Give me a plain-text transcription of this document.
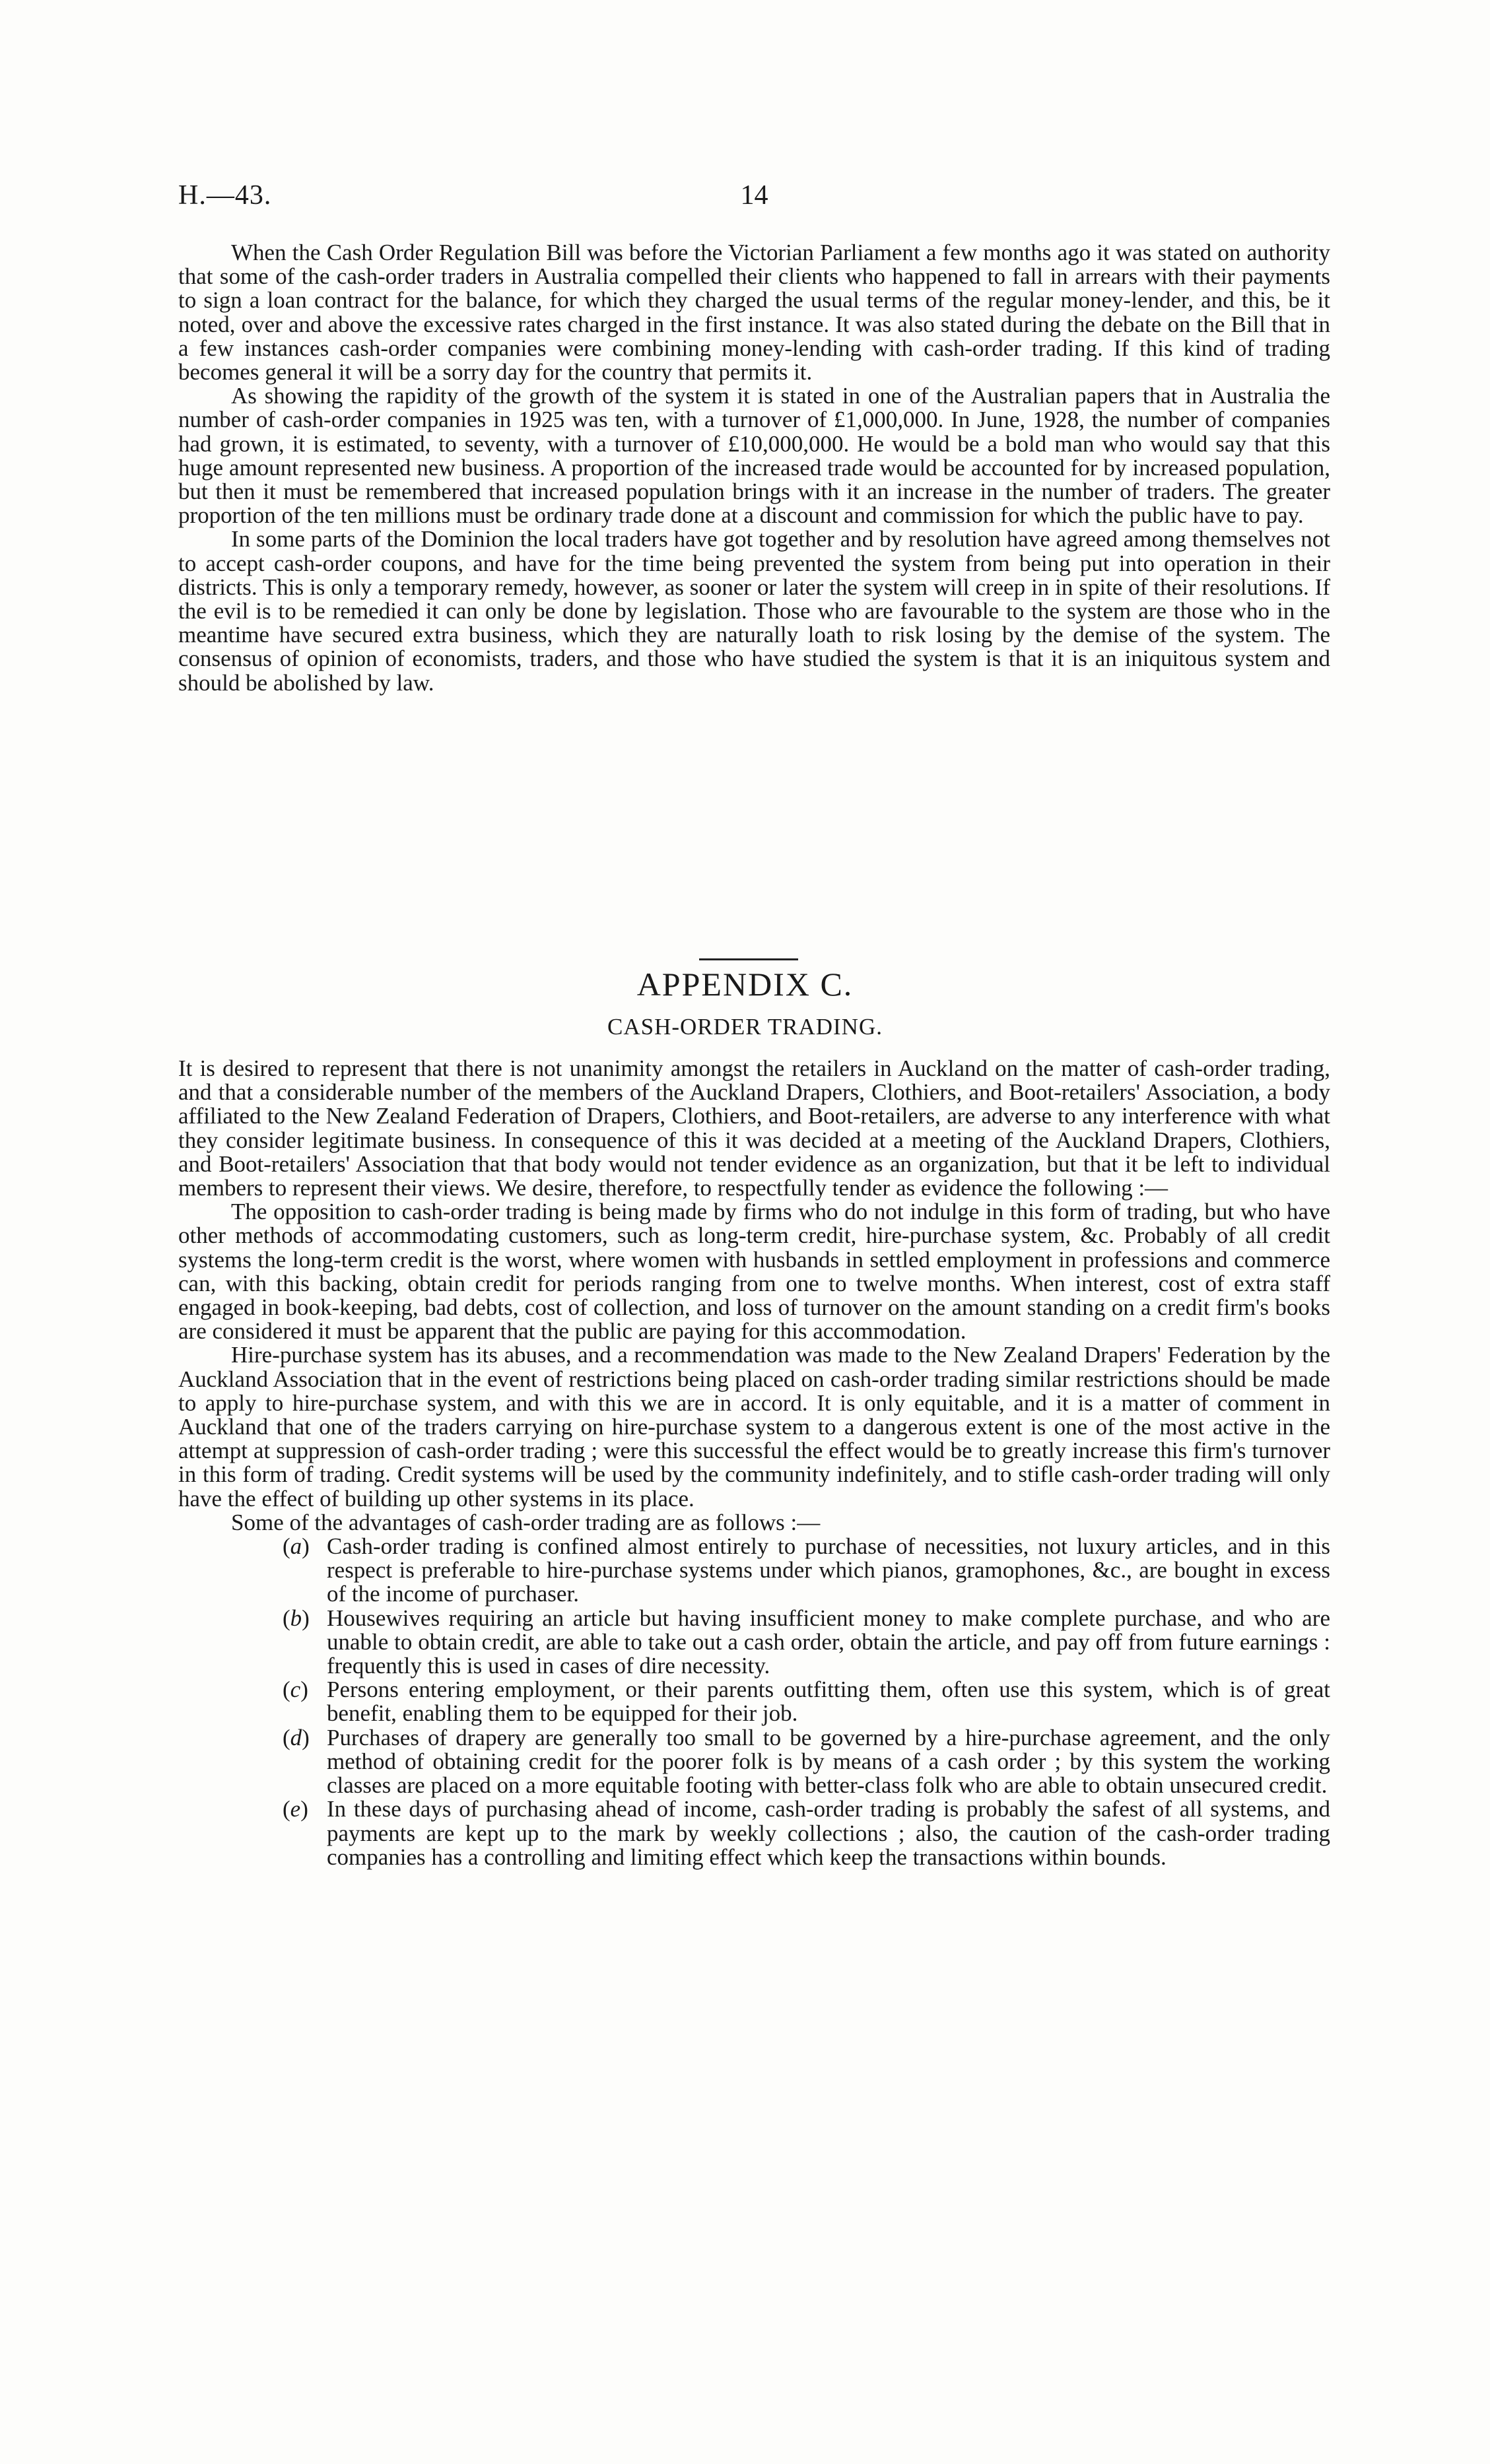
H.—43.	14

When the Cash Order Regulation Bill was before the Victorian Parliament a few months ago it was stated on authority that some of the cash-order traders in Australia compelled their clients who happened to fall in arrears with their payments to sign a loan contract for the balance, for which they charged the usual terms of the regular money-lender, and this, be it noted, over and above the excessive rates charged in the first instance. It was also stated during the debate on the Bill that in a few instances cash-order companies were combining money-lending with cash-order trading. If this kind of trading becomes general it will be a sorry day for the country that permits it.

As showing the rapidity of the growth of the system it is stated in one of the Australian papers that in Australia the number of cash-order companies in 1925 was ten, with a turnover of £1,000,000. In June, 1928, the number of companies had grown, it is estimated, to seventy, with a turnover of £10,000,000. He would be a bold man who would say that this huge amount represented new business. A proportion of the increased trade would be accounted for by increased population, but then it must be remembered that increased population brings with it an increase in the number of traders. The greater proportion of the ten millions must be ordinary trade done at a discount and commission for which the public have to pay.

In some parts of the Dominion the local traders have got together and by resolution have agreed among themselves not to accept cash-order coupons, and have for the time being prevented the system from being put into operation in their districts. This is only a temporary remedy, however, as sooner or later the system will creep in in spite of their resolutions. If the evil is to be remedied it can only be done by legislation. Those who are favourable to the system are those who in the meantime have secured extra business, which they are naturally loath to risk losing by the demise of the system. The consensus of opinion of economists, traders, and those who have studied the system is that it is an iniquitous system and should be abolished by law.

APPENDIX C.
CASH-ORDER TRADING.

It is desired to represent that there is not unanimity amongst the retailers in Auckland on the matter of cash-order trading, and that a considerable number of the members of the Auckland Drapers, Clothiers, and Boot-retailers' Association, a body affiliated to the New Zealand Federation of Drapers, Clothiers, and Boot-retailers, are adverse to any interference with what they consider legitimate business. In consequence of this it was decided at a meeting of the Auckland Drapers, Clothiers, and Boot-retailers' Association that that body would not tender evidence as an organization, but that it be left to individual members to represent their views. We desire, therefore, to respectfully tender as evidence the following :—

The opposition to cash-order trading is being made by firms who do not indulge in this form of trading, but who have other methods of accommodating customers, such as long-term credit, hire-purchase system, &c. Probably of all credit systems the long-term credit is the worst, where women with husbands in settled employment in professions and commerce can, with this backing, obtain credit for periods ranging from one to twelve months. When interest, cost of extra staff engaged in book-keeping, bad debts, cost of collection, and loss of turnover on the amount standing on a credit firm's books are considered it must be apparent that the public are paying for this accommodation.

Hire-purchase system has its abuses, and a recommendation was made to the New Zealand Drapers' Federation by the Auckland Association that in the event of restrictions being placed on cash-order trading similar restrictions should be made to apply to hire-purchase system, and with this we are in accord. It is only equitable, and it is a matter of comment in Auckland that one of the traders carrying on hire-purchase system to a dangerous extent is one of the most active in the attempt at suppression of cash-order trading ; were this successful the effect would be to greatly increase this firm's turnover in this form of trading. Credit systems will be used by the community indefinitely, and to stifle cash-order trading will only have the effect of building up other systems in its place.

Some of the advantages of cash-order trading are as follows :—

(a) Cash-order trading is confined almost entirely to purchase of necessities, not luxury articles, and in this respect is preferable to hire-purchase systems under which pianos, gramophones, &c., are bought in excess of the income of purchaser.
(b) Housewives requiring an article but having insufficient money to make complete purchase, and who are unable to obtain credit, are able to take out a cash order, obtain the article, and pay off from future earnings : frequently this is used in cases of dire necessity.
(c) Persons entering employment, or their parents outfitting them, often use this system, which is of great benefit, enabling them to be equipped for their job.
(d) Purchases of drapery are generally too small to be governed by a hire-purchase agreement, and the only method of obtaining credit for the poorer folk is by means of a cash order ; by this system the working classes are placed on a more equitable footing with better-class folk who are able to obtain unsecured credit.
(e) In these days of purchasing ahead of income, cash-order trading is probably the safest of all systems, and payments are kept up to the mark by weekly collections ; also, the caution of the cash-order trading companies has a controlling and limiting effect which keep the transactions within bounds.
